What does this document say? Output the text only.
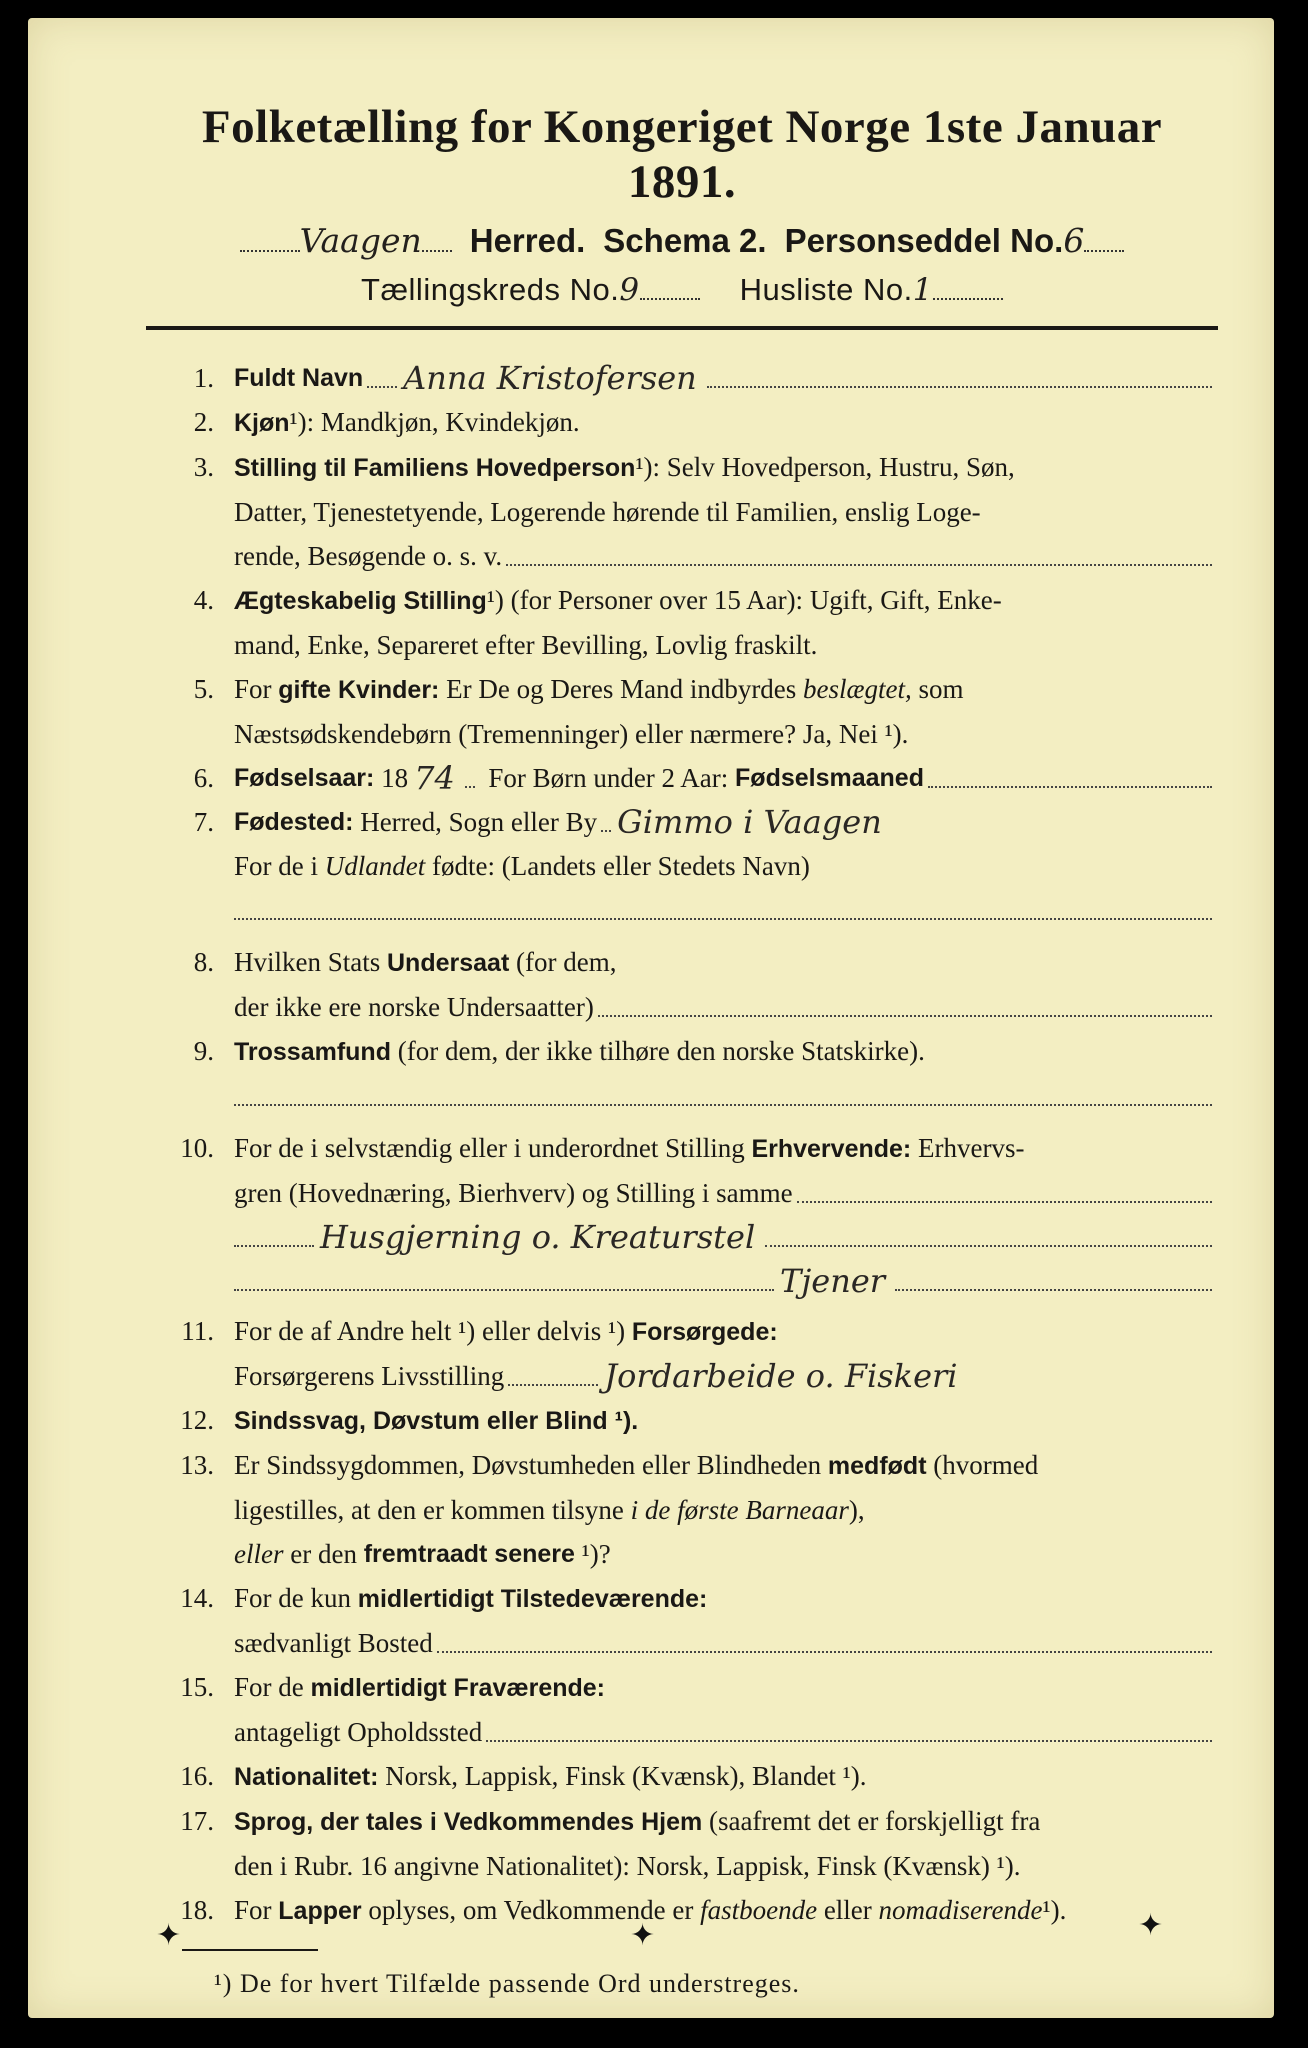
Folketælling for Kongeriget Norge 1ste Januar 1891.
Vaagen	Herred. Schema 2. Personseddel No.6
Tællingskreds No.9	Husliste No.1
1. Fuldt Navn Anna Kristofersen
2. Kjøn¹): Mandkjøn, Kvindekjøn.
3. Stilling til Familiens Hovedperson¹): Selv Hovedperson, Hustru, Søn,
Datter, Tjenestetyende, Logerende hørende til Familien, enslig Loge-
rende, Besøgende o. s. v.
4. Ægteskabelig Stilling¹) (for Personer over 15 Aar): Ugift, Gift, Enke-
mand, Enke, Separeret efter Bevilling, Lovlig fraskilt.
5. For gifte Kvinder: Er De og Deres Mand indbyrdes beslægtet, som
Næstsødskendebørn (Tremenninger) eller nærmere? Ja, Nei ¹).
6. Fødselsaar:
18 74
For Børn under 2 Aar:
Fødselsmaaned
7. Fødested:
Herred, Sogn eller By Gimmo i Vaagen
For de i
Udlandet
fødte: (Landets eller Stedets Navn)
8. Hvilken Stats Undersaat (for dem,
der ikke ere norske Undersaatter)
9. Trossamfund (for dem, der ikke tilhøre den norske Statskirke).
10. For de i selvstændig eller i underordnet Stilling Erhvervende: Erhvervs-
gren (Hovednæring, Bierhverv) og Stilling i samme
Husgjerning o. Kreaturstel
Tjener
11. For de af Andre helt ¹) eller delvis ¹) Forsørgede:
Forsørgerens Livsstilling	Jordarbeide o. Fiskeri
12. Sindssvag, Døvstum eller Blind ¹).
13. Er Sindssygdommen, Døvstumheden eller Blindheden medfødt (hvormed
ligestilles, at den er kommen tilsyne
i de første Barneaar ),
eller
er den
fremtraadt senere
¹)?
14. For de kun midlertidigt Tilstedeværende:
sædvanligt Bosted
15. For de midlertidigt Fraværende:
antageligt Opholdssted
16. Nationalitet: Norsk, Lappisk, Finsk (Kvænsk), Blandet ¹).
17. Sprog, der tales i Vedkommendes Hjem (saafremt det er forskjelligt fra
den i Rubr. 16 angivne Nationalitet): Norsk, Lappisk, Finsk (Kvænsk) ¹).
18. For Lapper oplyses, om Vedkommende er fastboende eller nomadiserende¹).
¹) De for hvert Tilfælde passende Ord understreges.
✦	✦	✦
